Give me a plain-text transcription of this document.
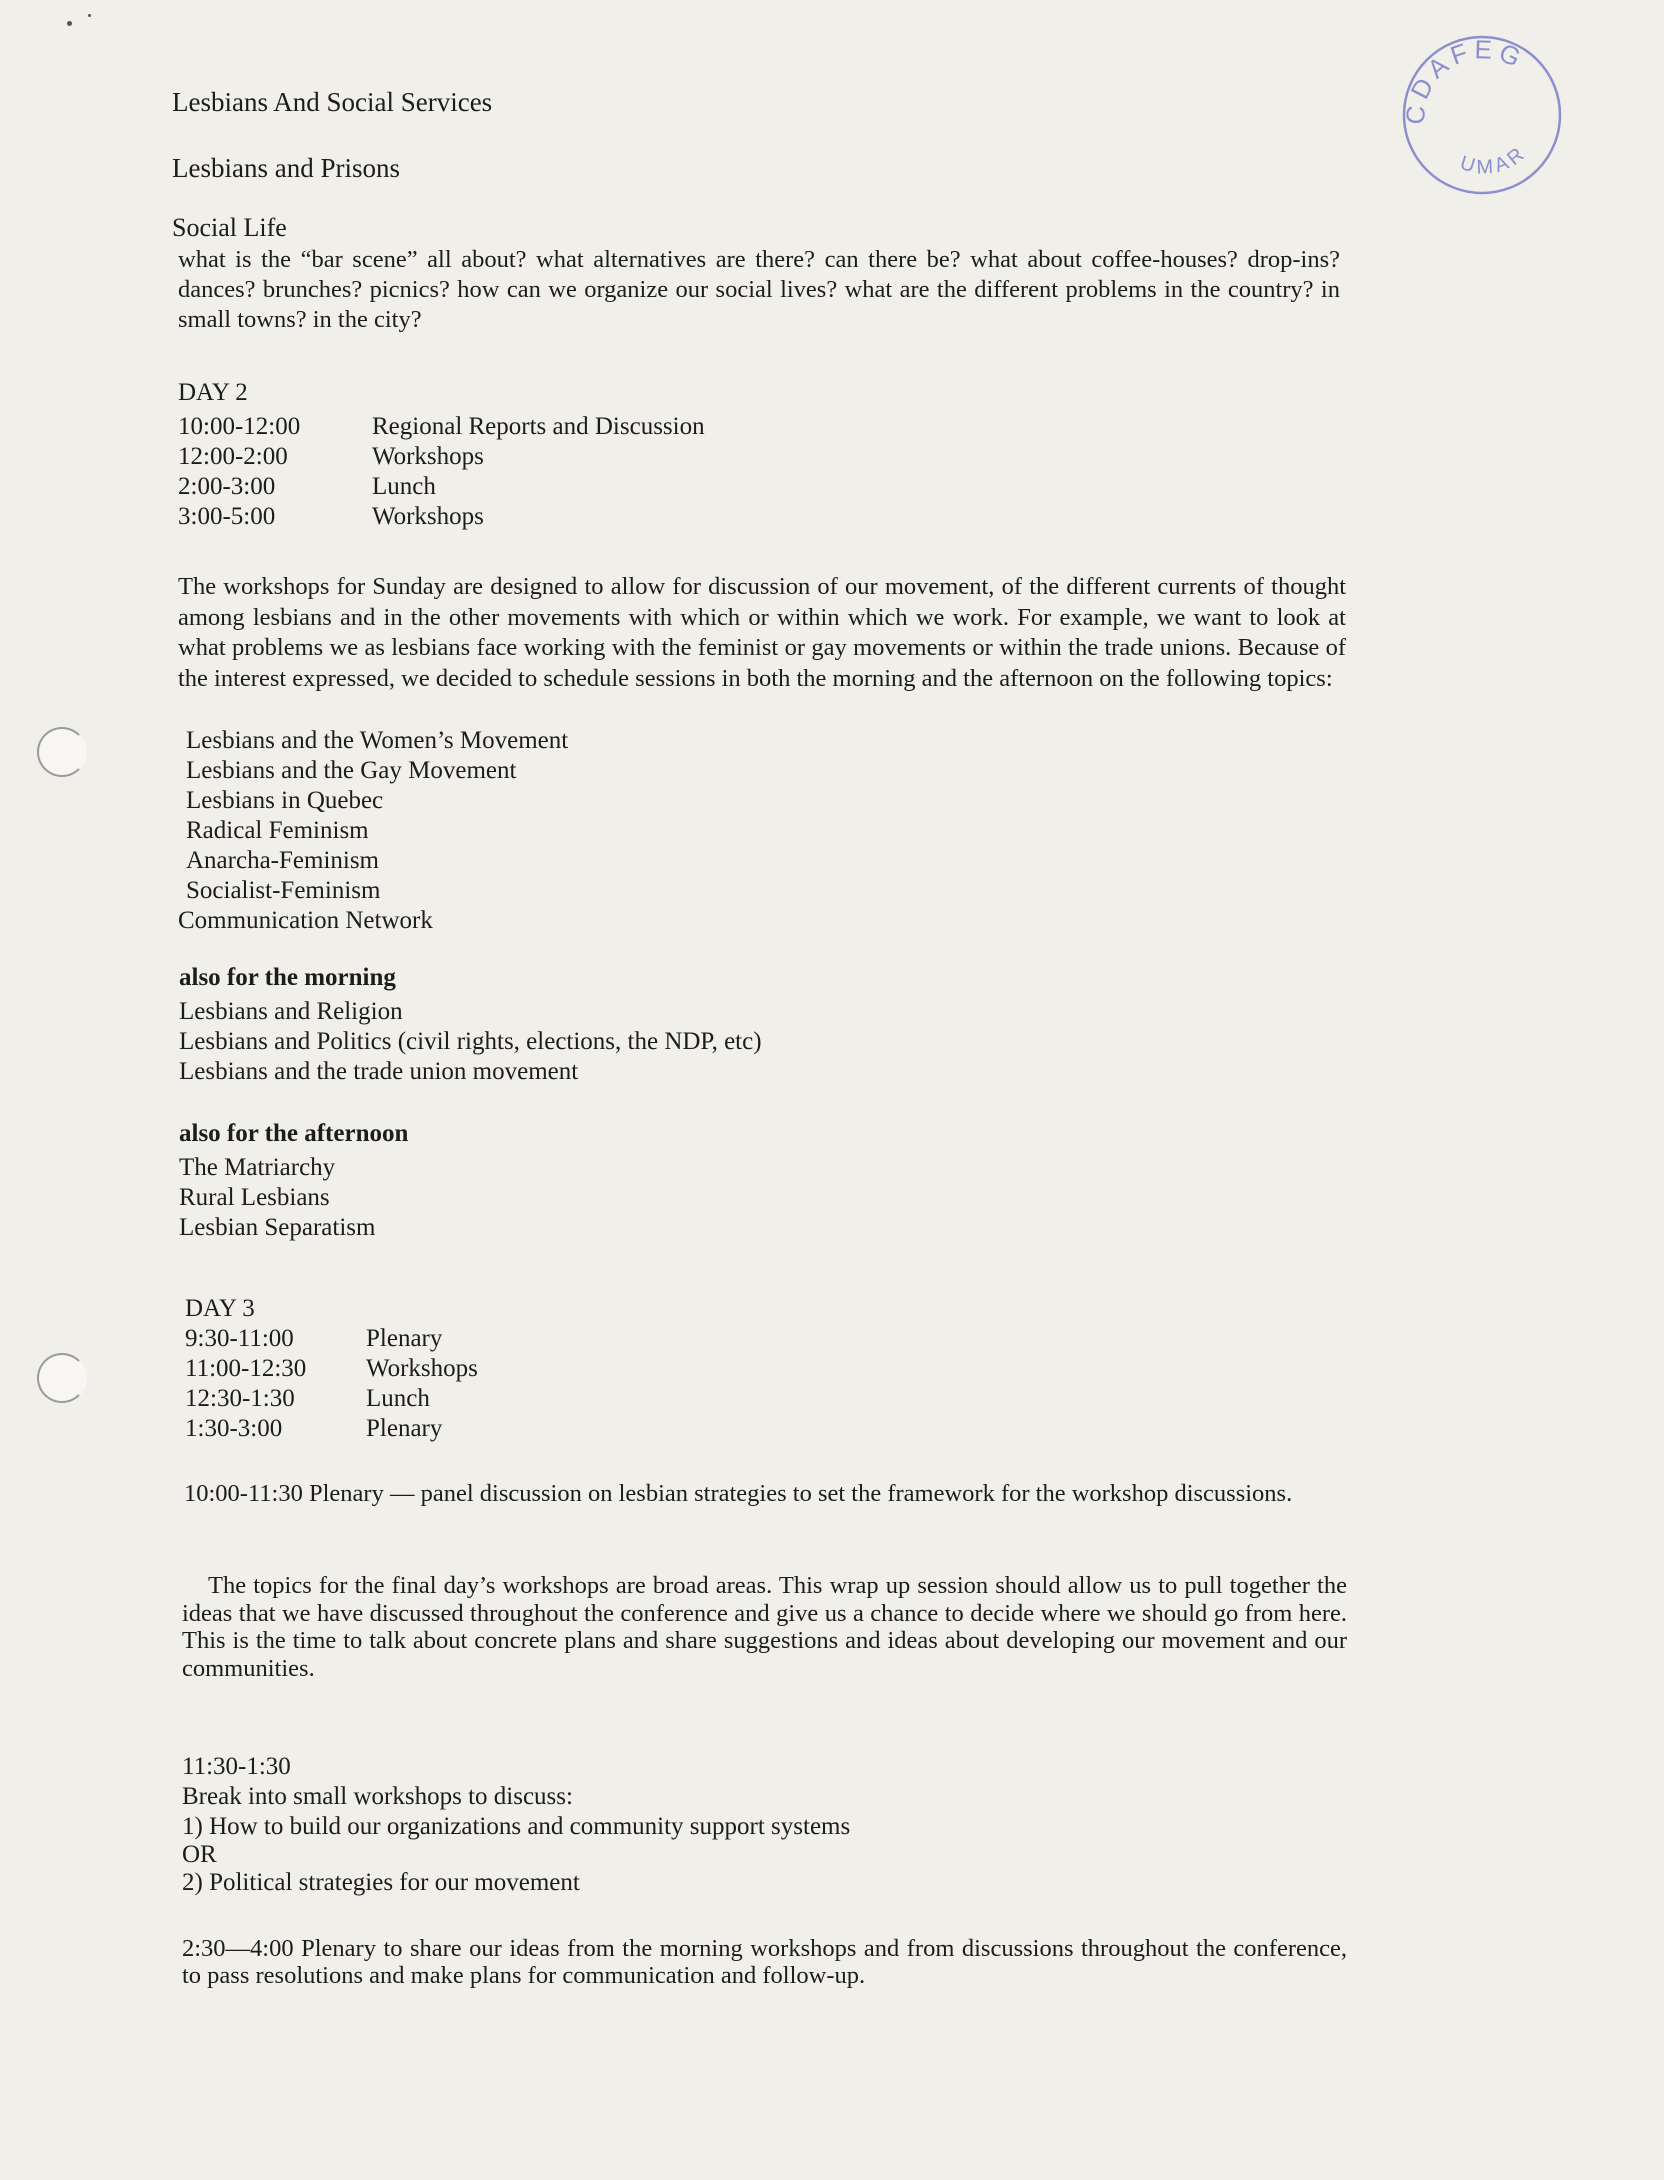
CDAFEG
UMAR

Lesbians And Social Services

Lesbians and Prisons

Social Life

what is the “bar scene” all about? what alternatives are there? can there be? what about coffee-houses? drop-ins? dances? brunches? picnics? how can we organize our social lives? what are the different problems in the country? in small towns? in the city?

DAY 2
10:00-12:00	Regional Reports and Discussion
12:00-2:00	Workshops
2:00-3:00	Lunch
3:00-5:00	Workshops

The workshops for Sunday are designed to allow for discussion of our movement, of the different currents of thought among lesbians and in the other movements with which or within which we work. For example, we want to look at what problems we as lesbians face working with the feminist or gay movements or within the trade unions. Because of the interest expressed, we decided to schedule sessions in both the morning and the afternoon on the following topics:

Lesbians and the Women’s Movement
Lesbians and the Gay Movement
Lesbians in Quebec
Radical Feminism
Anarcha-Feminism
Socialist-Feminism
Communication Network
also for the morning
Lesbians and Religion
Lesbians and Politics (civil rights, elections, the NDP, etc)
Lesbians and the trade union movement
also for the afternoon
The Matriarchy
Rural Lesbians
Lesbian Separatism
DAY 3
9:30-11:00	Plenary
11:00-12:30	Workshops
12:30-1:30	Lunch
1:30-3:00	Plenary

10:00-11:30 Plenary — panel discussion on lesbian strategies to set the framework for the workshop discussions.

The topics for the final day’s workshops are broad areas. This wrap up session should allow us to pull together the ideas that we have discussed throughout the conference and give us a chance to decide where we should go from here. This is the time to talk about concrete plans and share suggestions and ideas about developing our movement and our communities.

11:30-1:30
Break into small workshops to discuss:
1) How to build our organizations and community support systems
OR
2) Political strategies for our movement

2:30—4:00 Plenary to share our ideas from the morning workshops and from discussions throughout the conference, to pass resolutions and make plans for communication and follow-up.
